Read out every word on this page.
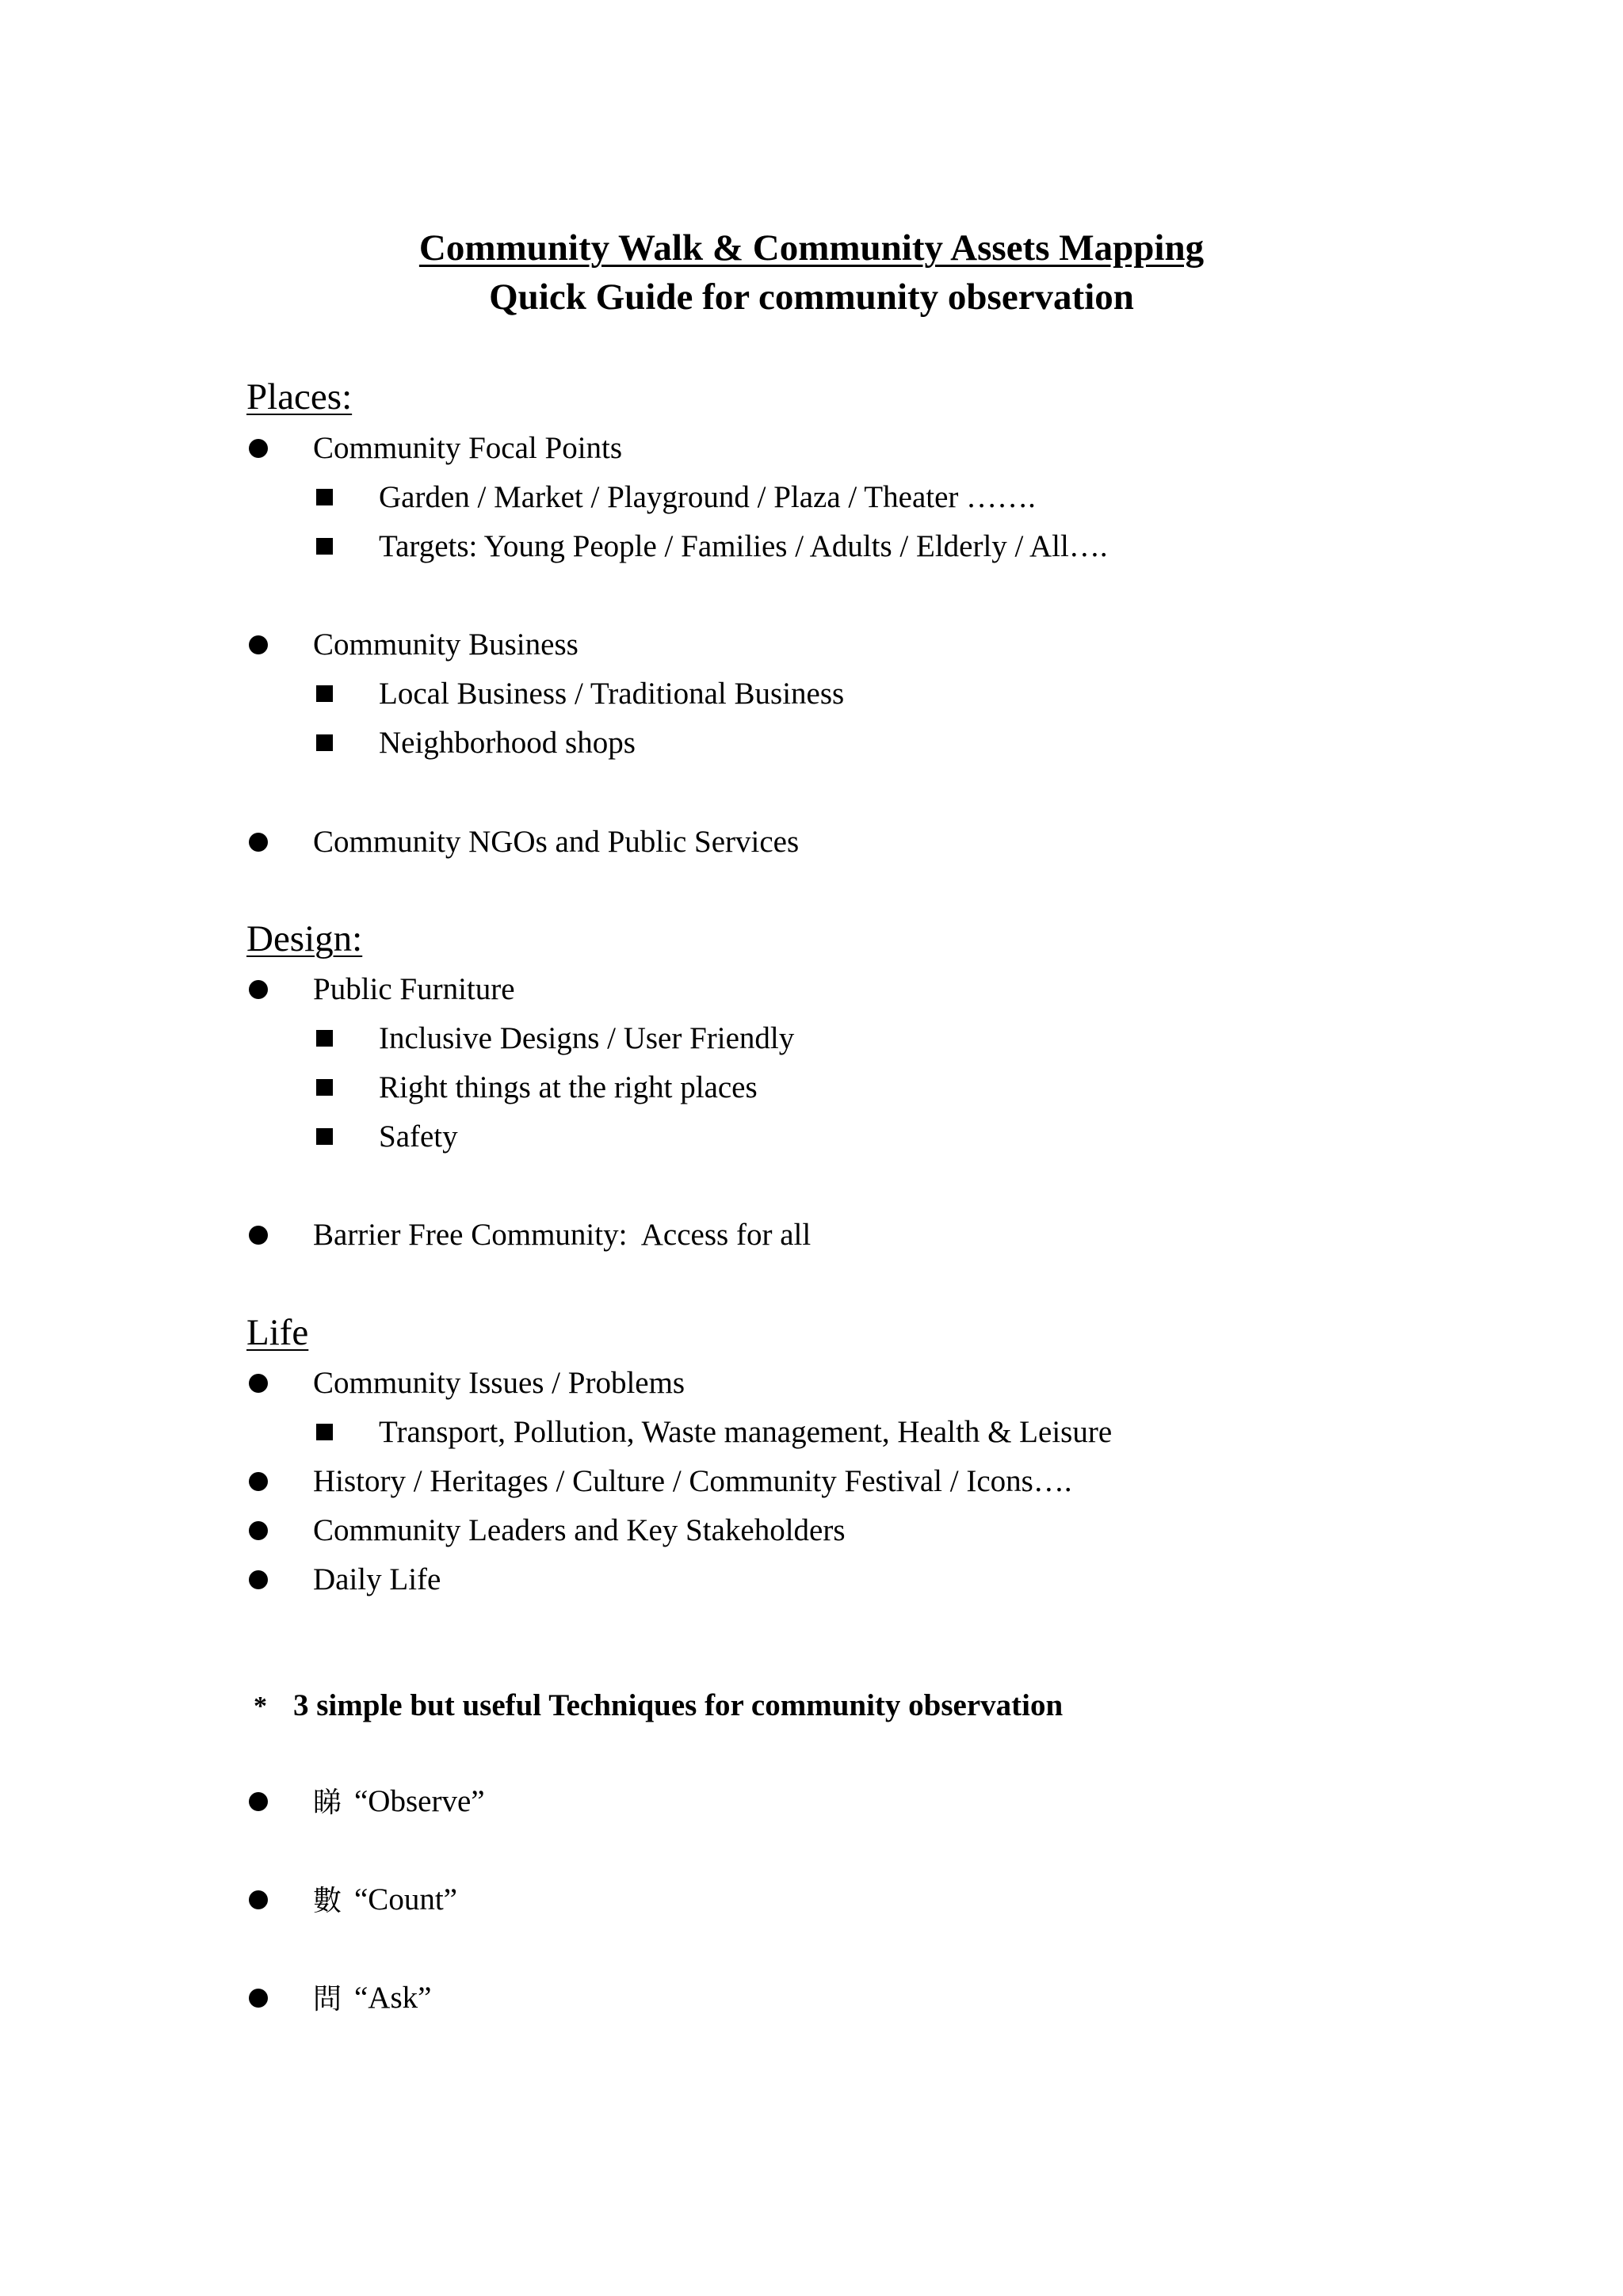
Community Walk & Community Assets Mapping
Quick Guide for community observation
Places:
Community Focal Points
Garden / Market / Playground / Plaza / Theater …….
Targets: Young People / Families / Adults / Elderly / All….
Community Business
Local Business / Traditional Business
Neighborhood shops
Community NGOs and Public Services
Design:
Public Furniture
Inclusive Designs / User Friendly
Right things at the right places
Safety
Barrier Free Community:  Access for all
Life
Community Issues / Problems
Transport, Pollution, Waste management, Health & Leisure
History / Heritages / Culture / Community Festival / Icons….
Community Leaders and Key Stakeholders
Daily Life
* 3 simple but useful Techniques for community observation
睇 “Observe”
數 “Count”
問 “Ask”
